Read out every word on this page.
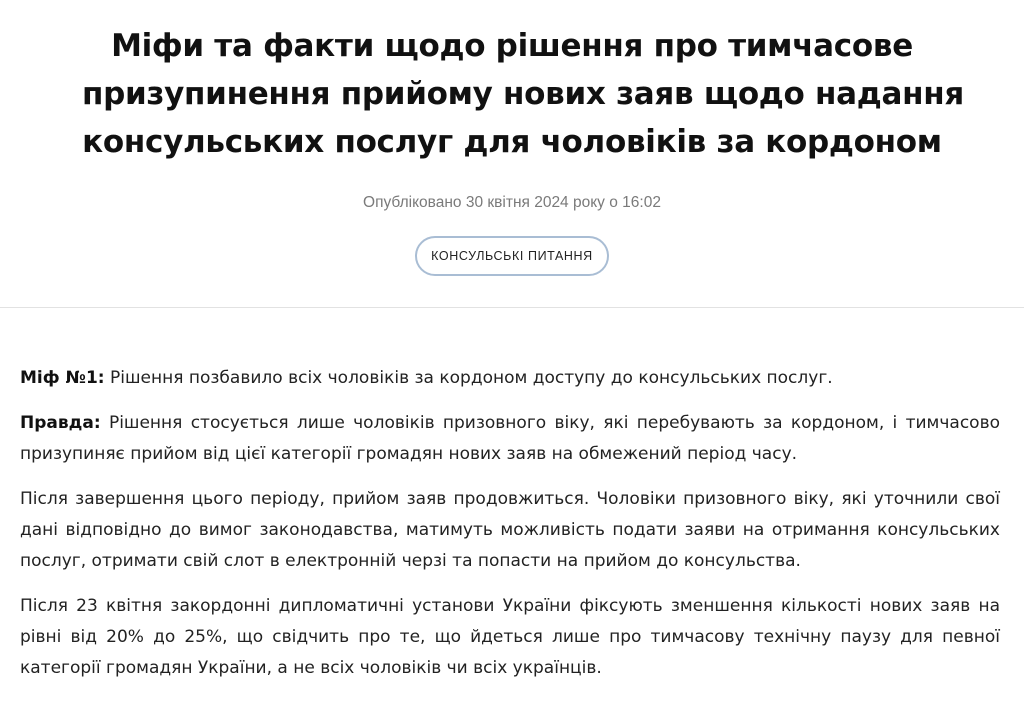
Міфи та факти щодо рішення про тимчасове
призупинення прийому нових заяв щодо надання
консульських послуг для чоловіків за кордоном
Опубліковано 30 квітня 2024 року о 16:02
КОНСУЛЬСЬКІ ПИТАННЯ

Міф №1: Рішення позбавило всіх чоловіків за кордоном доступу до консульських послуг.

Правда: Рішення стосується лише чоловіків призовного віку, які перебувають за кордоном, і тимчасово
призупиняє прийом від цієї категорії громадян нових заяв на обмежений період часу.

Після завершення цього періоду, прийом заяв продовжиться. Чоловіки призовного віку, які уточнили свої
дані відповідно до вимог законодавства, матимуть можливість подати заяви на отримання консульських
послуг, отримати свій слот в електронній черзі та попасти на прийом до консульства.

Після 23 квітня закордонні дипломатичні установи України фіксують зменшення кількості нових заяв на
рівні від 20% до 25%, що свідчить про те, що йдеться лише про тимчасову технічну паузу для певної
категорії громадян України, а не всіх чоловіків чи всіх українців.
